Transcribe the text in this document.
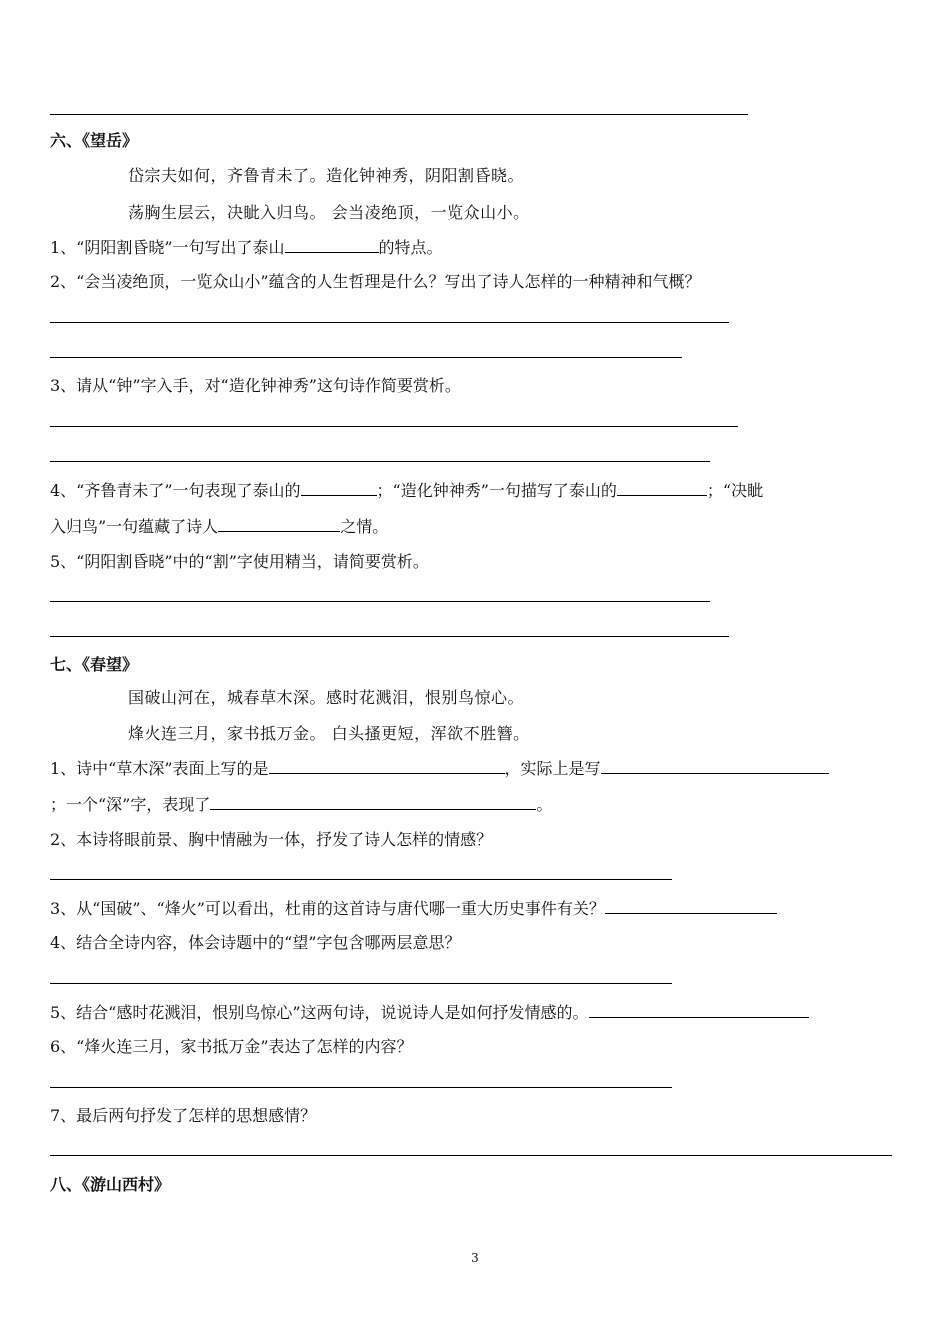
六、《望岳》
岱宗夫如何，齐鲁青未了。造化钟神秀，阴阳割昏晓。
荡胸生层云，决眦入归鸟。 会当凌绝顶，一览众山小。
1、“阴阳割昏晓”一句写出了泰山	的特点。
2、“会当凌绝顶，一览众山小”蕴含的人生哲理是什么？写出了诗人怎样的一种精神和气概？
3、请从“钟”字入手，对“造化钟神秀”这句诗作简要赏析。
4、“齐鲁青未了”一句表现了泰山的	；“造化钟神秀”一句描写了泰山的	；“决眦
入归鸟”一句蕴藏了诗人	之情。
5、“阴阳割昏晓”中的“割”字使用精当，请简要赏析。
七、《春望》
国破山河在，城春草木深。感时花溅泪，恨别鸟惊心。
烽火连三月，家书抵万金。 白头搔更短，浑欲不胜簪。
1、诗中“草木深”表面上写的是	，实际上是写
；一个“深”字，表现了	。
2、本诗将眼前景、胸中情融为一体，抒发了诗人怎样的情感？
3、从“国破”、“烽火”可以看出，杜甫的这首诗与唐代哪一重大历史事件有关？
4、结合全诗内容，体会诗题中的“望”字包含哪两层意思？
5、结合“感时花溅泪，恨别鸟惊心”这两句诗，说说诗人是如何抒发情感的。
6、“烽火连三月，家书抵万金”表达了怎样的内容？
7、最后两句抒发了怎样的思想感情？
八、《游山西村》
3
